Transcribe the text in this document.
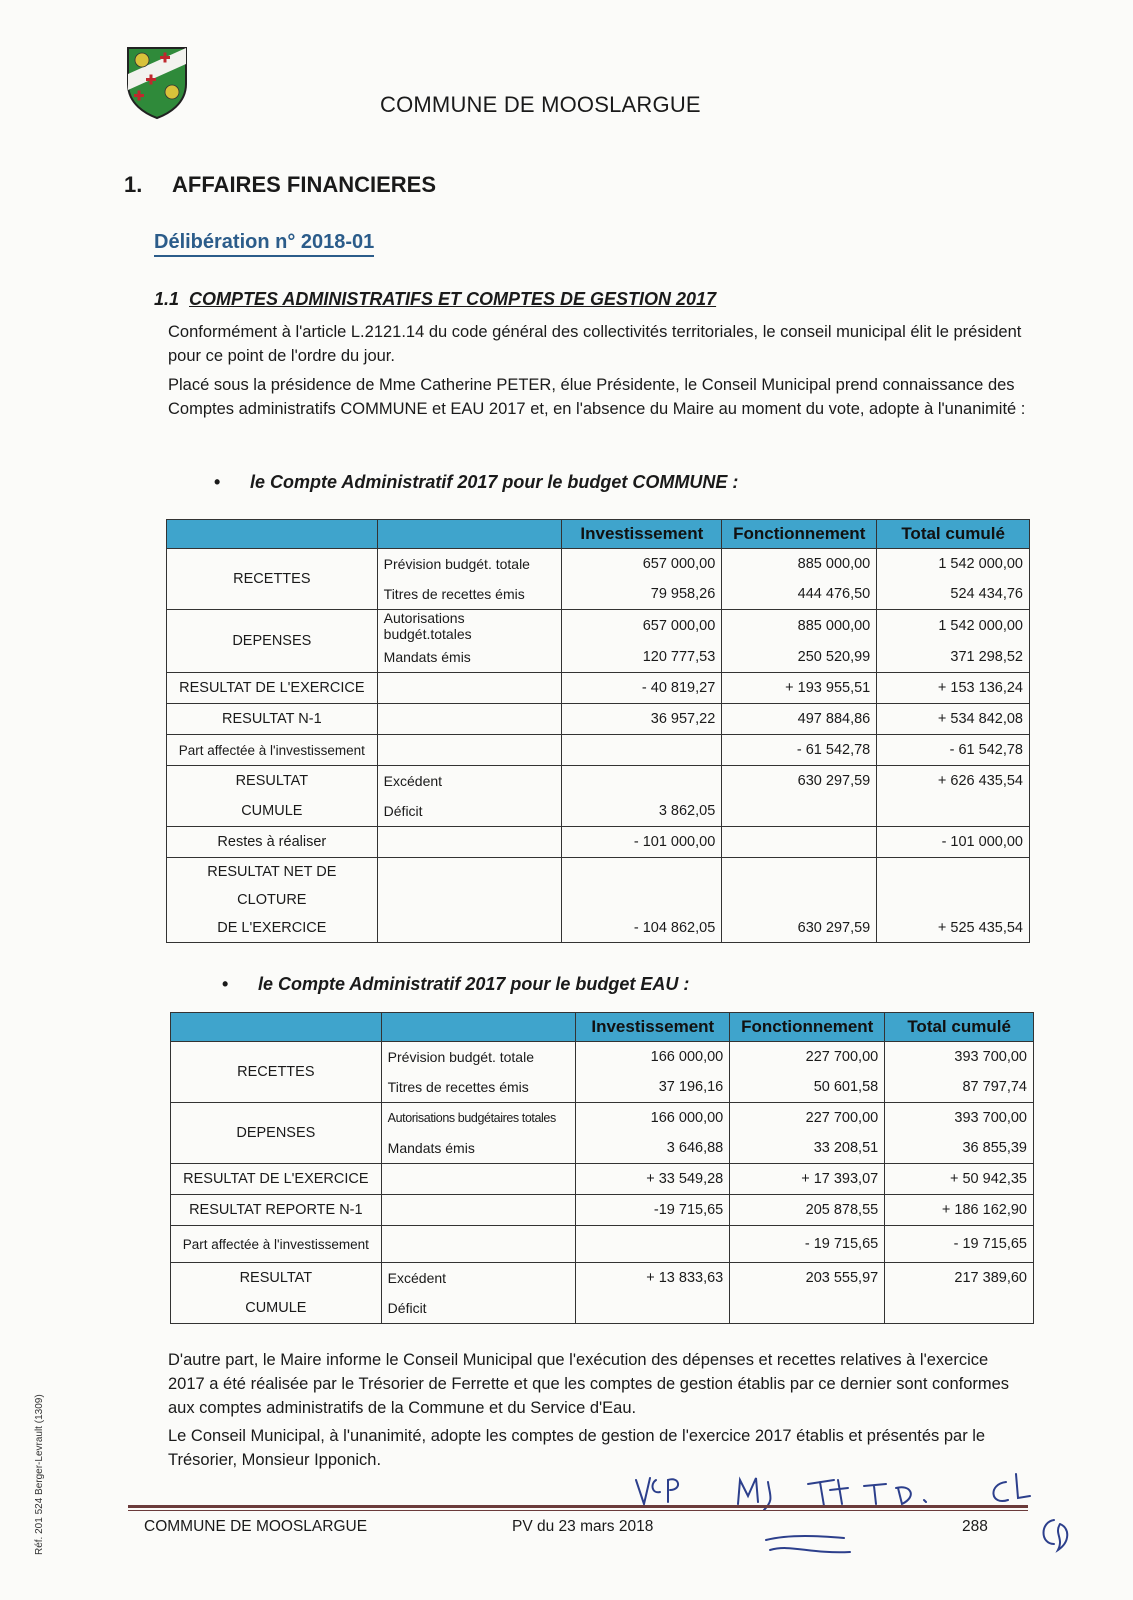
COMMUNE DE MOOSLARGUE
1. AFFAIRES FINANCIERES
Délibération n° 2018-01
1.1 COMPTES ADMINISTRATIFS ET COMPTES DE GESTION 2017
Conformément à l'article L.2121.14 du code général des collectivités territoriales, le conseil municipal élit le président pour ce point de l'ordre du jour.
Placé sous la présidence de Mme Catherine PETER, élue Présidente, le Conseil Municipal prend connaissance des Comptes administratifs COMMUNE et EAU 2017 et, en l'absence du Maire au moment du vote, adopte à l'unanimité :
• le Compte Administratif 2017 pour le budget COMMUNE :
		Investissement	Fonctionnement	Total cumulé
RECETTES	Prévision budgét. totale	657 000,00	885 000,00	1 542 000,00
	Titres de recettes émis	79 958,26	444 476,50	524 434,76
DEPENSES	Autorisations budgét.totales	657 000,00	885 000,00	1 542 000,00
	Mandats émis	120 777,53	250 520,99	371 298,52
RESULTAT DE L'EXERCICE		- 40 819,27	+ 193 955,51	+ 153 136,24
RESULTAT N-1		36 957,22	497 884,86	+ 534 842,08
Part affectée à l'investissement			- 61 542,78	- 61 542,78
RESULTAT	Excédent		630 297,59	+ 626 435,54
CUMULE	Déficit	3 862,05		
Restes à réaliser		- 101 000,00		- 101 000,00

RESULTAT NET DE CLOTURE
DE L'EXERCICE		- 104 862,05	630 297,59	+ 525 435,54
• le Compte Administratif 2017 pour le budget EAU :
		Investissement	Fonctionnement	Total cumulé
RECETTES	Prévision budgét. totale	166 000,00	227 700,00	393 700,00
	Titres de recettes émis	37 196,16	50 601,58	87 797,74
DEPENSES	Autorisations budgétaires totales	166 000,00	227 700,00	393 700,00
	Mandats émis	3 646,88	33 208,51	36 855,39
RESULTAT DE L'EXERCICE		+ 33 549,28	+ 17 393,07	+ 50 942,35
RESULTAT REPORTE N-1		-19 715,65	205 878,55	+ 186 162,90
Part affectée à l'investissement			- 19 715,65	- 19 715,65
RESULTAT	Excédent	+ 13 833,63	203 555,97	217 389,60
CUMULE	Déficit			
D'autre part, le Maire informe le Conseil Municipal que l'exécution des dépenses et recettes relatives à l'exercice 2017 a été réalisée par le Trésorier de Ferrette et que les comptes de gestion établis par ce dernier sont conformes aux comptes administratifs de la Commune et du Service d'Eau.
Le Conseil Municipal, à l'unanimité, adopte les comptes de gestion de l'exercice 2017 établis et présentés par le Trésorier, Monsieur Ipponich.
COMMUNE DE MOOSLARGUE	PV du 23 mars 2018	288
Réf. 201 524 Berger-Levrault (1309)
